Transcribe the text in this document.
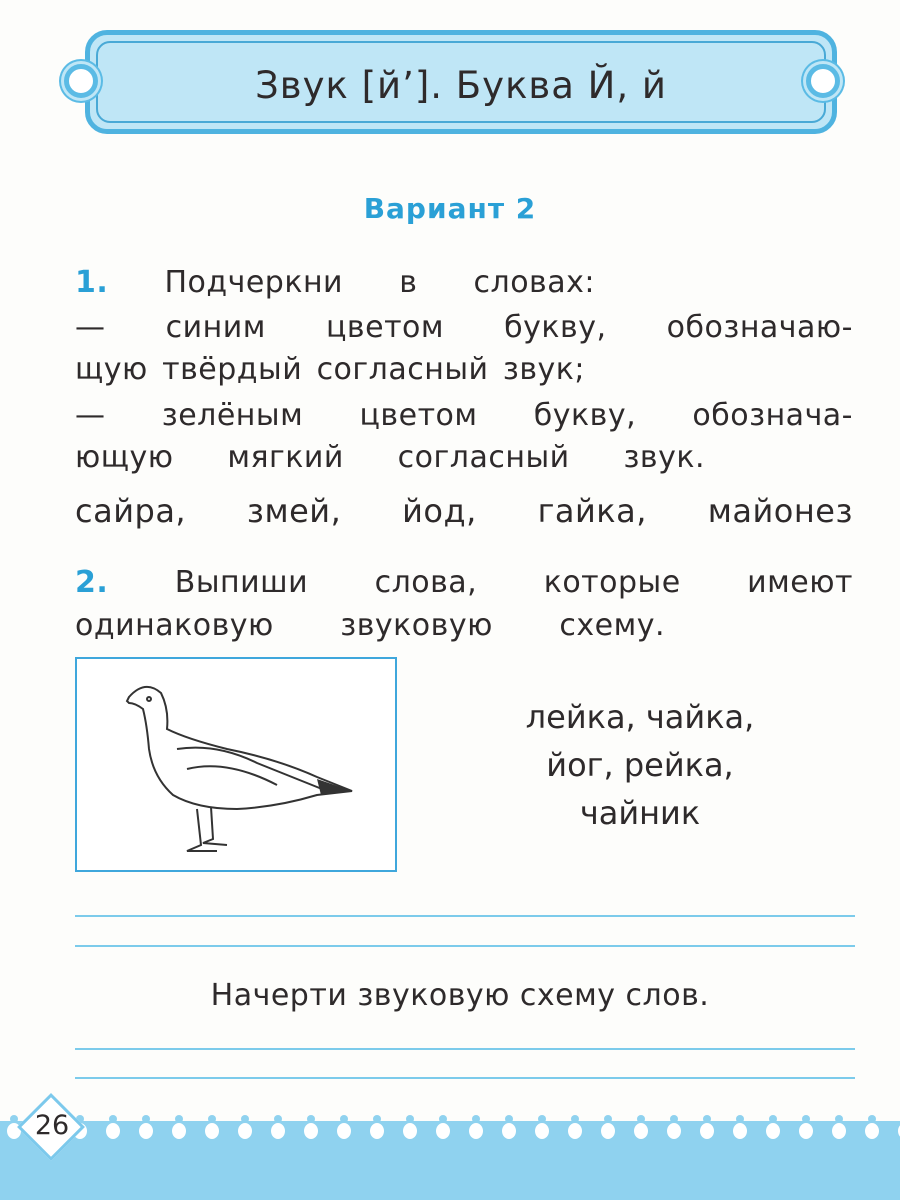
Звук [й’]. Буква Й, й
Вариант 2
1. Подчеркни в словах:
— синим цветом букву, обозначаю-
щую твёрдый согласный звук;
— зелёным цветом букву, обознача-
ющую мягкий согласный звук.
сайра, змей, йод, гайка, майонез
2. Выпиши слова, которые имеют
одинаковую звуковую схему.
лейка, чайка,
йог, рейка,
чайник
Начерти звуковую схему слов.
26
